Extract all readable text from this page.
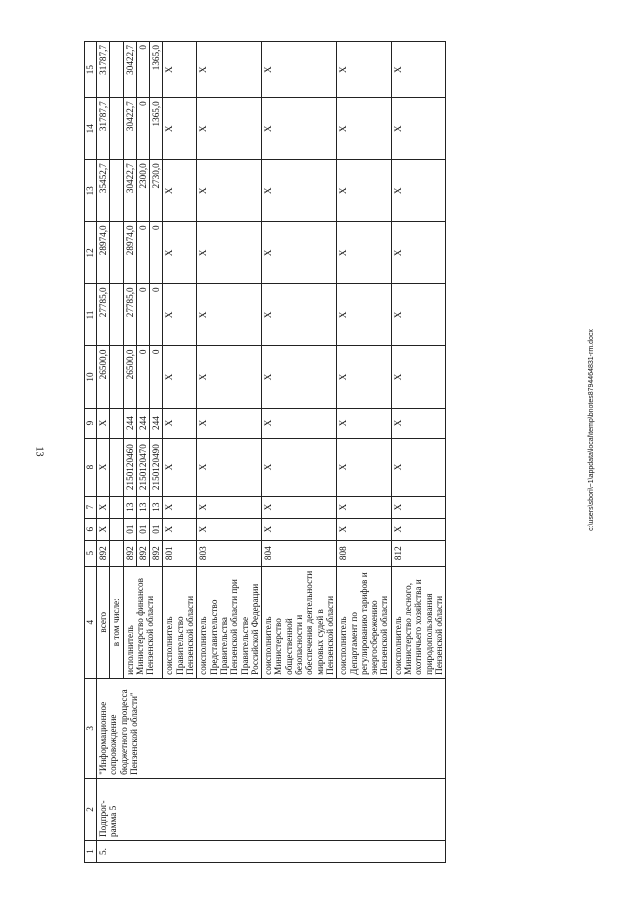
13	c:\users\sbori\~1\appdata\local\temp\bnotes8794464831-rm.docx
1	2	3	4	5	6	7	8	9	10	11	12	13	14	15
5.	Подпрог-рамма 5	"Информационное сопровождение бюджетного процесса Пензенской области"	всего	892	X	X	X	X	26500,0	27785,0	28974,0	35452,7	31787,7	31787,7
			в том числе:											
			исполнитель Министерство финансов Пензенской области	892	01	13	2150120460	244	26500,0	27785,0	28974,0	30422,7	30422,7	30422,7
				892	01	13	2150120470	244	0	0	0	2300,0	0	0
				892	01	13	2150120490	244	0	0	0	2730,0	1365,0	1365,0
			соисполнитель Правительство Пензенской области	801	X	X	X	X	X	X	X	X	X	X
			соисполнитель Представительство Правительства Пензенской области при Правительстве Российской Федерации	803	X	X	X	X	X	X	X	X	X	X
			соисполнитель Министерство общественной безопасности и обеспечения деятельности мировых судей в Пензенской области	804	X	X	X	X	X	X	X	X	X	X
			соисполнитель Департамент по регулированию тарифов и энергосбережению Пензенской области	808	X	X	X	X	X	X	X	X	X	X
			соисполнитель Министерство лесного, охотничьего хозяйства и природопользования Пензенской области	812	X	X	X	X	X	X	X	X	X	X
